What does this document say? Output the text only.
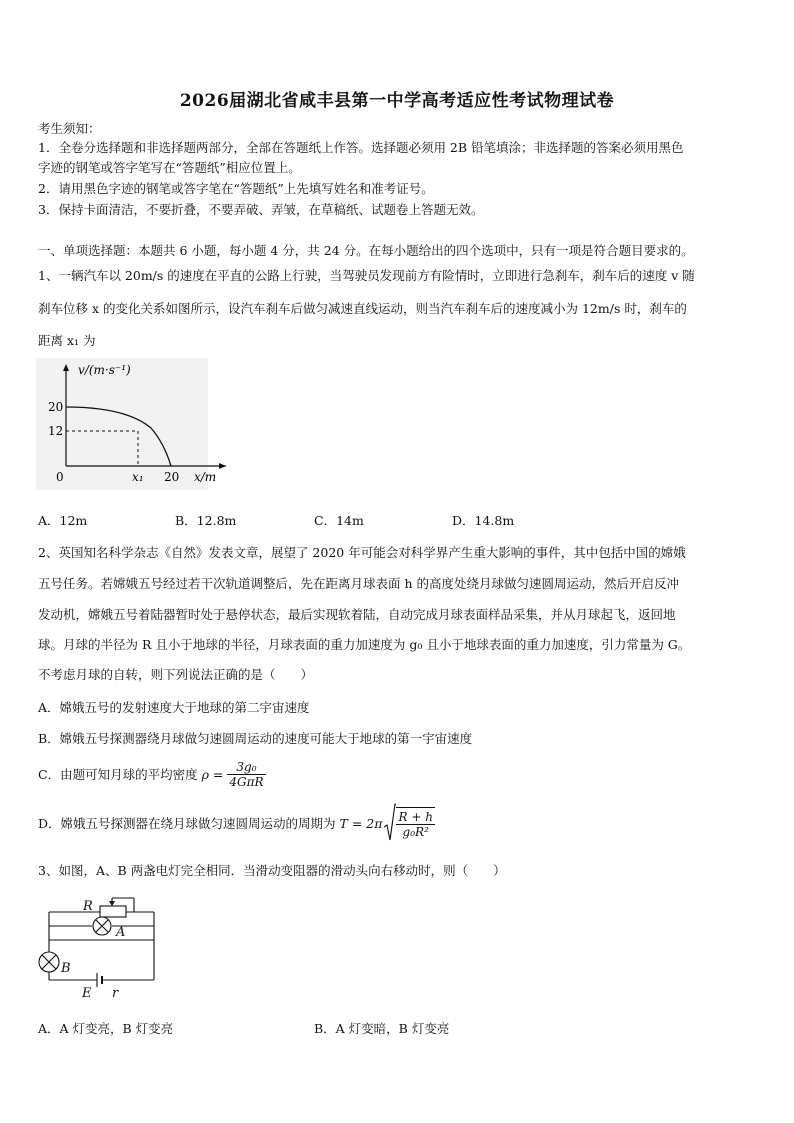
2026届湖北省咸丰县第一中学高考适应性考试物理试卷
考生须知：
1．全卷分选择题和非选择题两部分，全部在答题纸上作答。选择题必须用 2B 铅笔填涂；非选择题的答案必须用黑色
字迹的钢笔或答字笔写在“答题纸”相应位置上。
2．请用黑色字迹的钢笔或答字笔在“答题纸”上先填写姓名和准考证号。
3．保持卡面清洁，不要折叠，不要弄破、弄皱，在草稿纸、试题卷上答题无效。
一、单项选择题：本题共 6 小题，每小题 4 分，共 24 分。在每小题给出的四个选项中，只有一项是符合题目要求的。
1、一辆汽车以 20m/s 的速度在平直的公路上行驶，当驾驶员发现前方有险情时，立即进行急刹车，刹车后的速度 v 随
刹车位移 x 的变化关系如图所示，设汽车刹车后做匀减速直线运动，则当汽车刹车后的速度减小为 12m/s 时，刹车的
距离 x₁ 为
v/(m·s⁻¹)
20
12
0	x₁ 20 x/m
A．12m	B．12.8m	C．14m	D．14.8m
2、英国知名科学杂志《自然》发表文章，展望了 2020 年可能会对科学界产生重大影响的事件，其中包括中国的嫦娥
五号任务。若嫦娥五号经过若干次轨道调整后，先在距离月球表面 h 的高度处绕月球做匀速圆周运动，然后开启反冲
发动机，嫦娥五号着陆器暂时处于悬停状态，最后实现软着陆，自动完成月球表面样品采集，并从月球起飞，返回地
球。月球的半径为 R 且小于地球的半径，月球表面的重力加速度为 g₀ 且小于地球表面的重力加速度，引力常量为 G。
不考虑月球的自转，则下列说法正确的是（　　）
A．嫦娥五号的发射速度大于地球的第二宇宙速度
B．嫦娥五号探测器绕月球做匀速圆周运动的速度可能大于地球的第一宇宙速度
C．由题可知月球的平均密度 $\rho = \frac{\text{3g₀}}{\text{4GπR}}$
D．嫦娥五号探测器在绕月球做匀速圆周运动的周期为 $T = 2\pi \frac{R + h}{\text{g₀R²}}$
3、如图，A、B 两盏电灯完全相同．当滑动变阻器的滑动头向右移动时，则（　　）
R
A
B
E r
A．A 灯变亮，B 灯变亮	B．A 灯变暗，B 灯变亮
